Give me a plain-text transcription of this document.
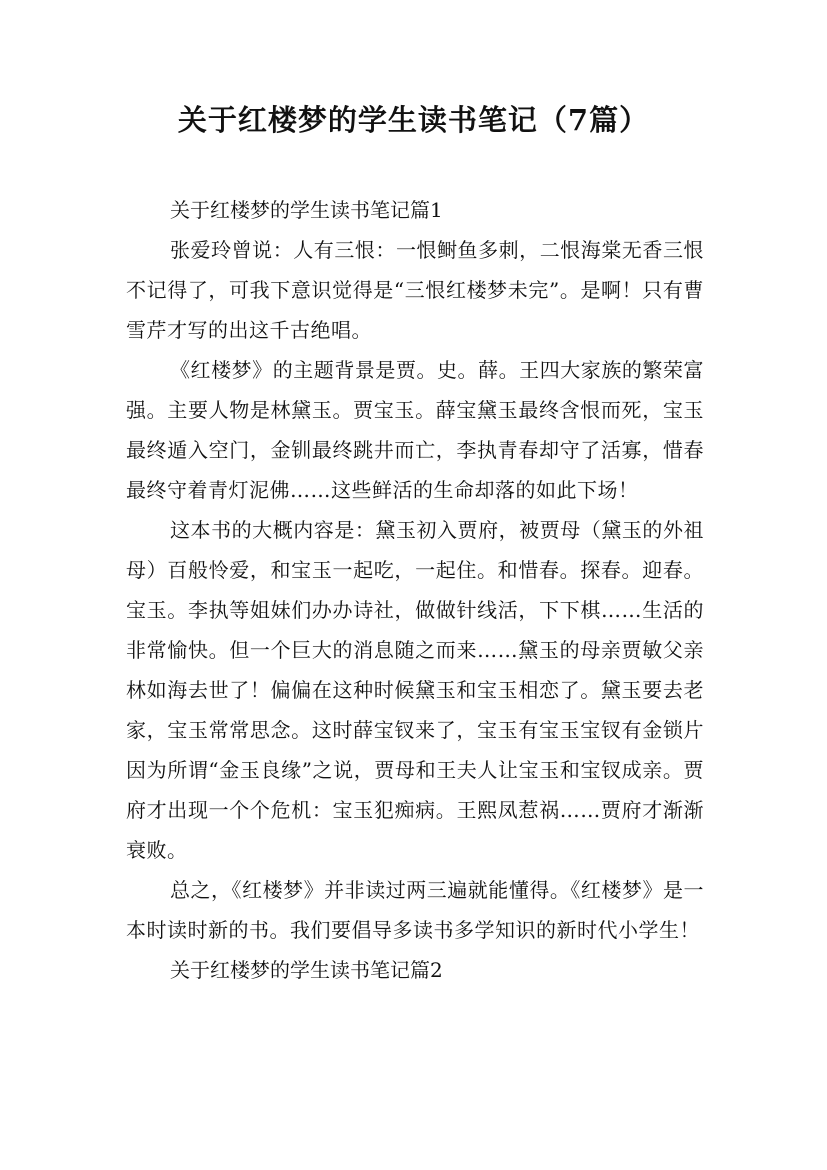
关于红楼梦的学生读书笔记（7篇）

关于红楼梦的学生读书笔记篇1

张爱玲曾说：人有三恨：一恨鲥鱼多刺，二恨海棠无香三恨不记得了，可我下意识觉得是“三恨红楼梦未完”。是啊！只有曹雪芹才写的出这千古绝唱。

《红楼梦》的主题背景是贾。史。薛。王四大家族的繁荣富强。主要人物是林黛玉。贾宝玉。薛宝黛玉最终含恨而死，宝玉最终遁入空门，金钏最终跳井而亡，李执青春却守了活寡，惜春最终守着青灯泥佛……这些鲜活的生命却落的如此下场！

这本书的大概内容是：黛玉初入贾府，被贾母（黛玉的外祖母）百般怜爱，和宝玉一起吃，一起住。和惜春。探春。迎春。宝玉。李执等姐妹们办办诗社，做做针线活，下下棋……生活的非常愉快。但一个巨大的消息随之而来……黛玉的母亲贾敏父亲林如海去世了！偏偏在这种时候黛玉和宝玉相恋了。黛玉要去老家，宝玉常常思念。这时薛宝钗来了，宝玉有宝玉宝钗有金锁片因为所谓“金玉良缘”之说，贾母和王夫人让宝玉和宝钗成亲。贾府才出现一个个危机：宝玉犯痴病。王熙凤惹祸……贾府才渐渐衰败。

总之，《红楼梦》并非读过两三遍就能懂得。《红楼梦》是一本时读时新的书。我们要倡导多读书多学知识的新时代小学生！

关于红楼梦的学生读书笔记篇2
